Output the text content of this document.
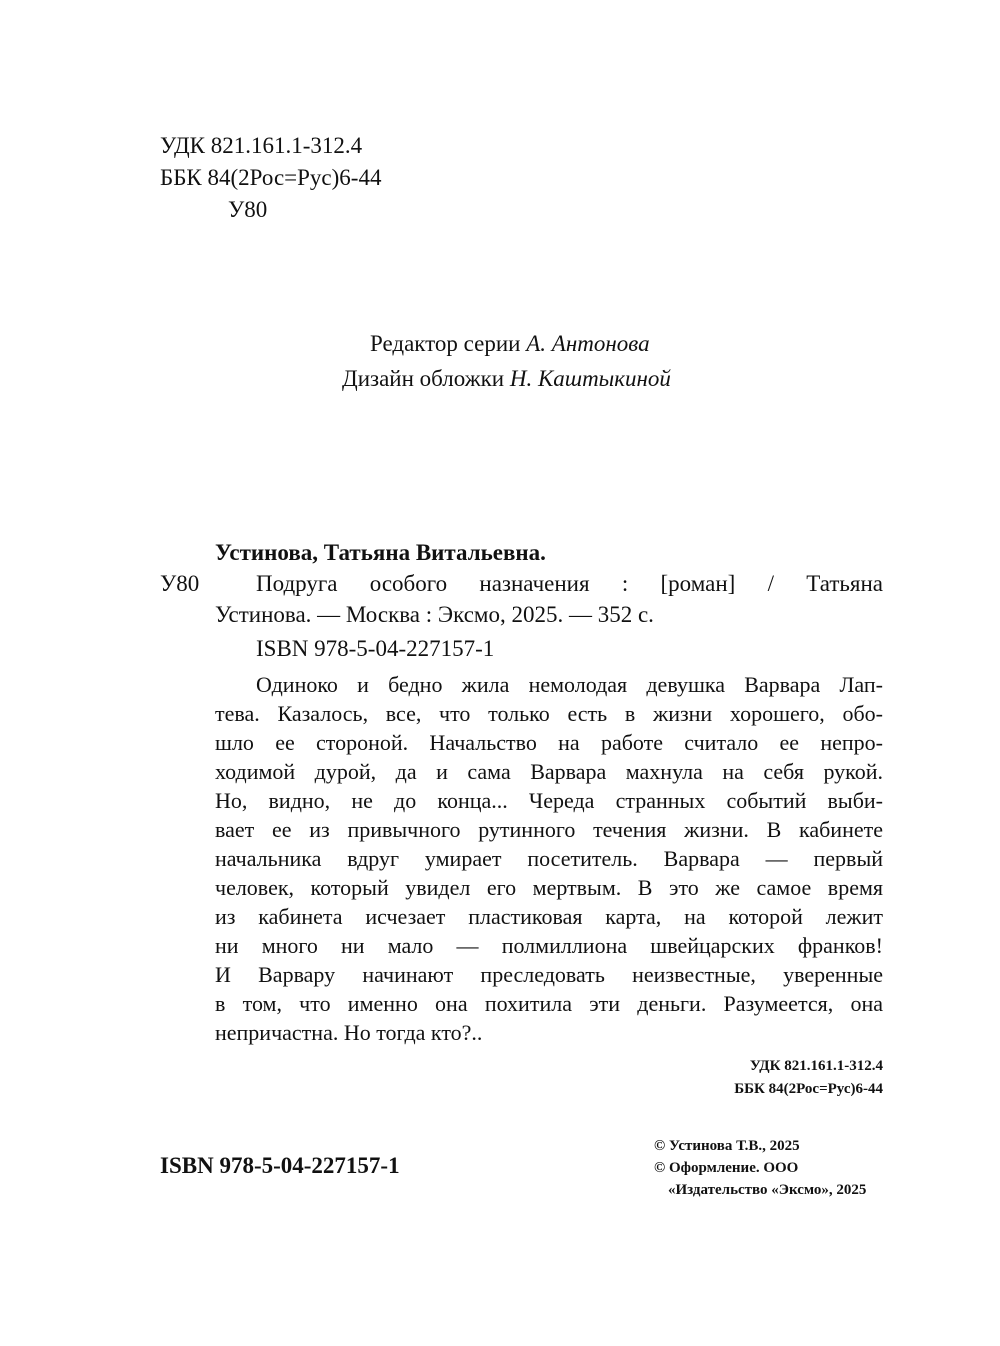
УДК 821.161.1-312.4
ББК 84(2Рос=Рус)6-44
У80
Редактор серии А. Антонова
Дизайн обложки Н. Каштыкиной
Устинова, Татьяна Витальевна.
У80 Подруга особого назначения : [роман] / Татьяна
Устинова. — Москва : Эксмо, 2025. — 352 с.
ISBN 978-5-04-227157-1
Одиноко и бедно жила немолодая девушка Варвара Лап-
тева. Казалось, все, что только есть в жизни хорошего, обо-
шло ее стороной. Начальство на работе считало ее непро-
ходимой дурой, да и сама Варвара махнула на себя рукой.
Но, видно, не до конца... Череда странных событий выби-
вает ее из привычного рутинного течения жизни. В кабинете
начальника вдруг умирает посетитель. Варвара — первый
человек, который увидел его мертвым. В это же самое время
из кабинета исчезает пластиковая карта, на которой лежит
ни много ни мало — полмиллиона швейцарских франков!
И Варвару начинают преследовать неизвестные, уверенные
в том, что именно она похитила эти деньги. Разумеется, она
непричастна. Но тогда кто?..
УДК 821.161.1-312.4
ББК 84(2Рос=Рус)6-44
ISBN 978-5-04-227157-1
© Устинова Т.В., 2025
© Оформление. ООО
«Издательство «Эксмо», 2025
